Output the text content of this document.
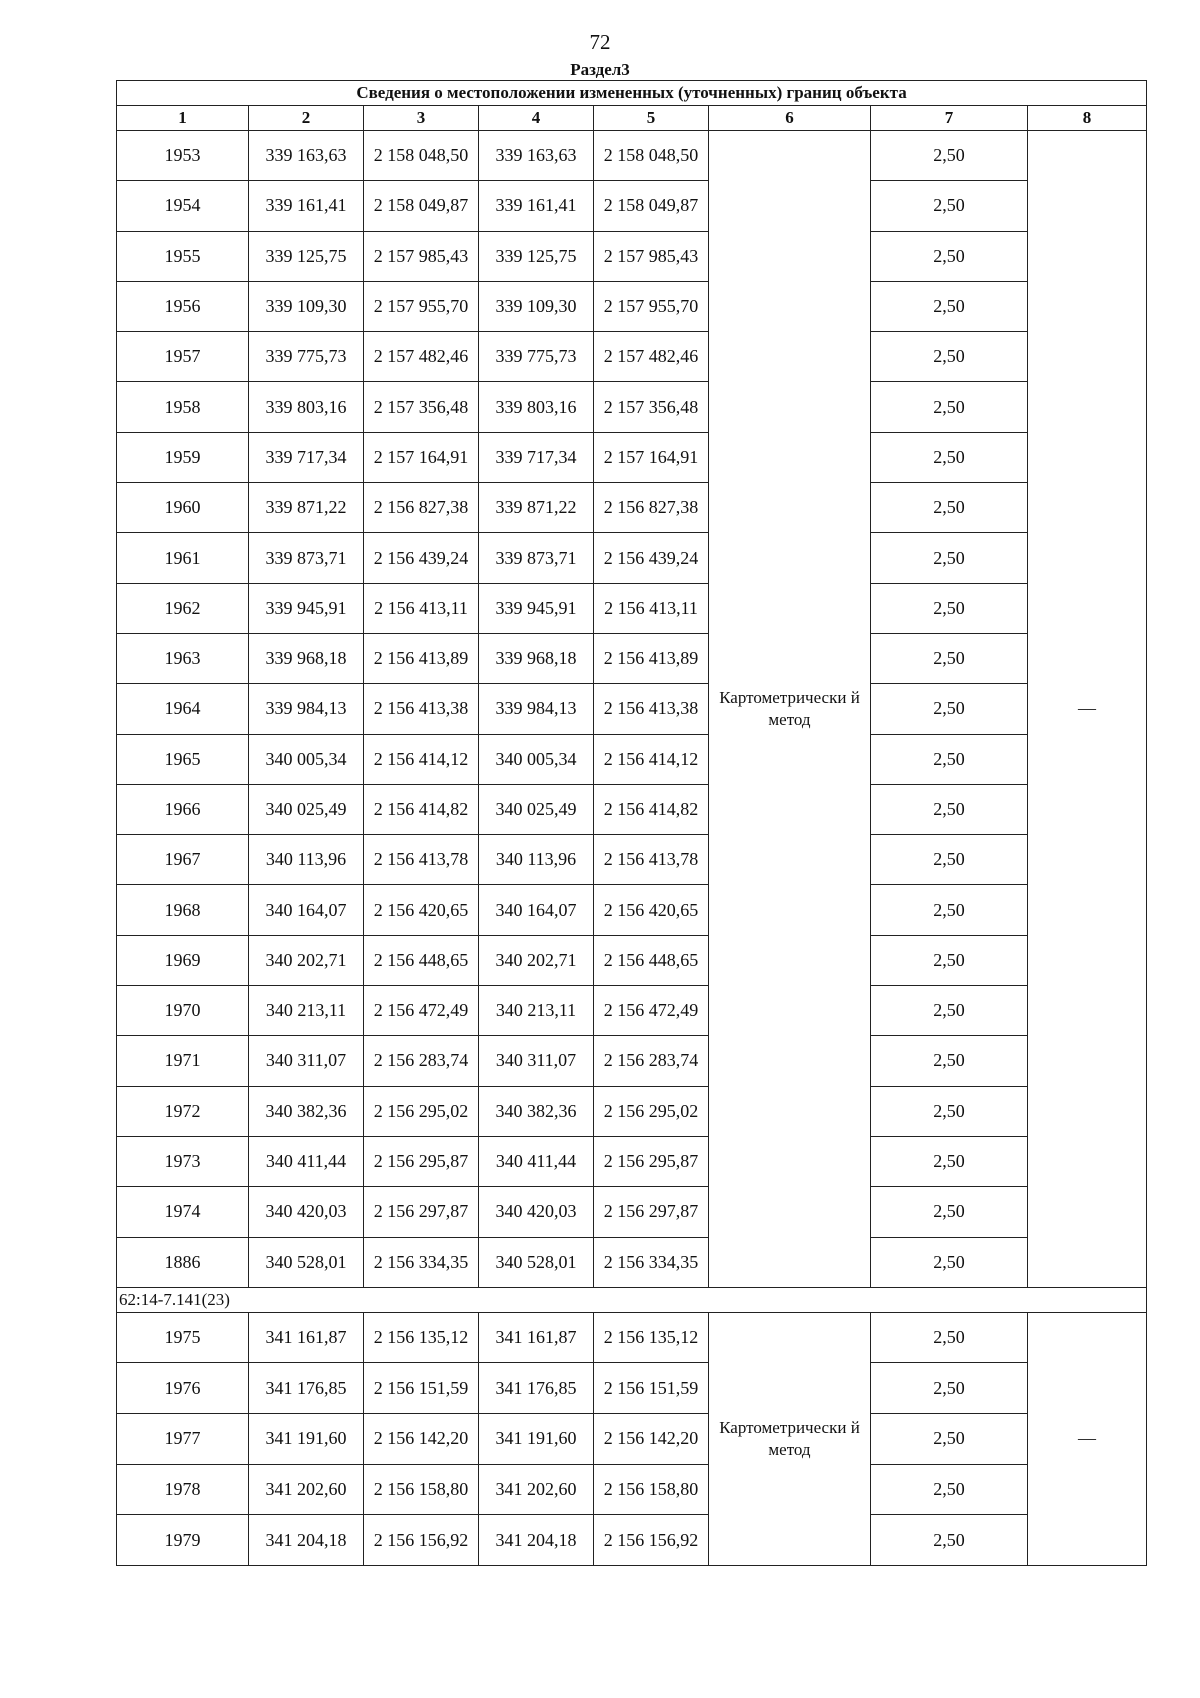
72
Раздел3
Сведения о местоположении измененных (уточненных) границ объекта							
1	2	3	4	5	6	7	8
1953	339 163,63	2 158 048,50	339 163,63	2 158 048,50	Картометрически й метод	2,50	—
1954	339 161,41	2 158 049,87	339 161,41	2 158 049,87		2,50	
1955	339 125,75	2 157 985,43	339 125,75	2 157 985,43		2,50	
1956	339 109,30	2 157 955,70	339 109,30	2 157 955,70		2,50	
1957	339 775,73	2 157 482,46	339 775,73	2 157 482,46		2,50	
1958	339 803,16	2 157 356,48	339 803,16	2 157 356,48		2,50	
1959	339 717,34	2 157 164,91	339 717,34	2 157 164,91		2,50	
1960	339 871,22	2 156 827,38	339 871,22	2 156 827,38		2,50	
1961	339 873,71	2 156 439,24	339 873,71	2 156 439,24		2,50	
1962	339 945,91	2 156 413,11	339 945,91	2 156 413,11		2,50	
1963	339 968,18	2 156 413,89	339 968,18	2 156 413,89		2,50	
1964	339 984,13	2 156 413,38	339 984,13	2 156 413,38		2,50	
1965	340 005,34	2 156 414,12	340 005,34	2 156 414,12		2,50	
1966	340 025,49	2 156 414,82	340 025,49	2 156 414,82		2,50	
1967	340 113,96	2 156 413,78	340 113,96	2 156 413,78		2,50	
1968	340 164,07	2 156 420,65	340 164,07	2 156 420,65		2,50	
1969	340 202,71	2 156 448,65	340 202,71	2 156 448,65		2,50	
1970	340 213,11	2 156 472,49	340 213,11	2 156 472,49		2,50	
1971	340 311,07	2 156 283,74	340 311,07	2 156 283,74		2,50	
1972	340 382,36	2 156 295,02	340 382,36	2 156 295,02		2,50	
1973	340 411,44	2 156 295,87	340 411,44	2 156 295,87		2,50	
1974	340 420,03	2 156 297,87	340 420,03	2 156 297,87		2,50	
1886	340 528,01	2 156 334,35	340 528,01	2 156 334,35		2,50	
62:14-7.141(23)							
1975	341 161,87	2 156 135,12	341 161,87	2 156 135,12	Картометрически й метод	2,50	—
1976	341 176,85	2 156 151,59	341 176,85	2 156 151,59		2,50	
1977	341 191,60	2 156 142,20	341 191,60	2 156 142,20		2,50	
1978	341 202,60	2 156 158,80	341 202,60	2 156 158,80		2,50	
1979	341 204,18	2 156 156,92	341 204,18	2 156 156,92		2,50	
